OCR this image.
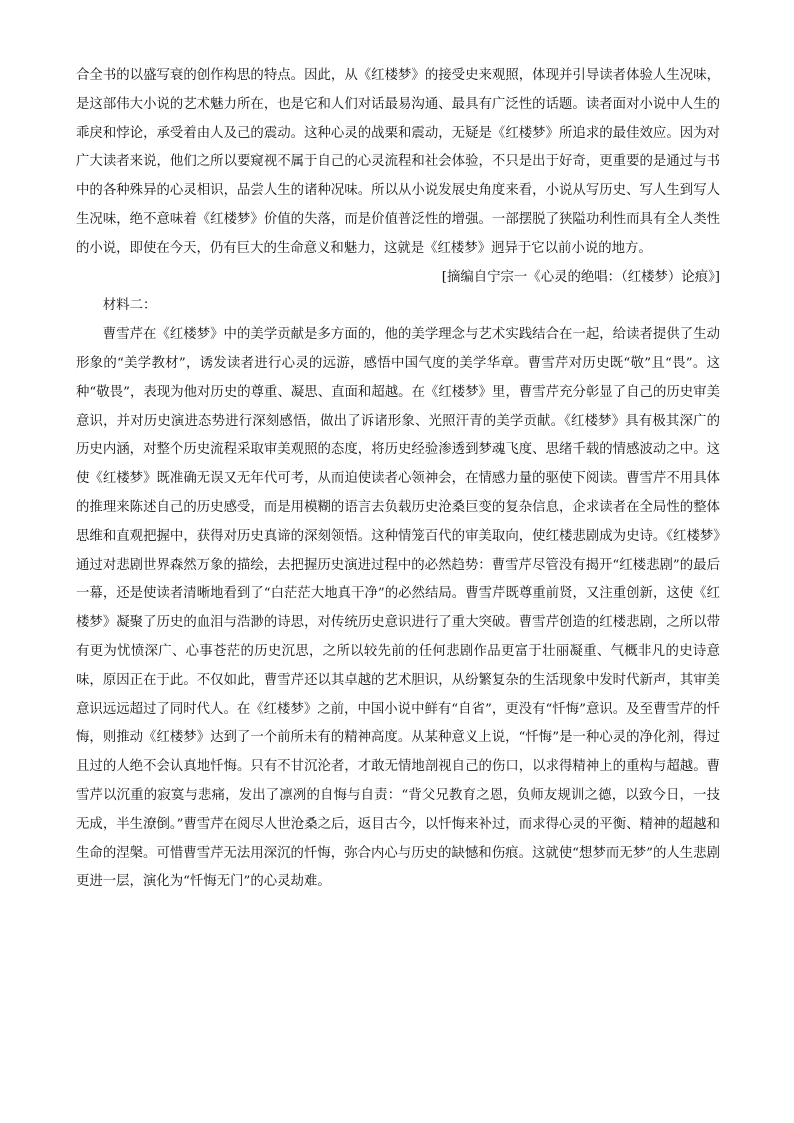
合全书的以盛写衰的创作构思的特点。因此，从《红楼梦》的接受史来观照，体现并引导读者体验人生况味，是这部伟大小说的艺术魅力所在，也是它和人们对话最易沟通、最具有广泛性的话题。读者面对小说中人生的乖戾和悖论，承受着由人及己的震动。这种心灵的战栗和震动，无疑是《红楼梦》所追求的最佳效应。因为对广大读者来说，他们之所以要窥视不属于自己的心灵流程和社会体验，不只是出于好奇，更重要的是通过与书中的各种殊异的心灵相识，品尝人生的诸种况味。所以从小说发展史角度来看，小说从写历史、写人生到写人生况味，绝不意味着《红楼梦》价值的失落，而是价值普泛性的增强。一部摆脱了狭隘功利性而具有全人类性的小说，即使在今天，仍有巨大的生命意义和魅力，这就是《红楼梦》迥异于它以前小说的地方。

[摘编自宁宗一《心灵的绝唱：（红楼梦）论痕》]

材料二：

曹雪芹在《红楼梦》中的美学贡献是多方面的，他的美学理念与艺术实践结合在一起，给读者提供了生动形象的“美学教材”，诱发读者进行心灵的远游，感悟中国气度的美学华章。曹雪芹对历史既“敬”且“畏”。这种“敬畏”，表现为他对历史的尊重、凝思、直面和超越。在《红楼梦》里，曹雪芹充分彰显了自己的历史审美意识，并对历史演进态势进行深刻感悟，做出了诉诸形象、光照汗青的美学贡献。《红楼梦》具有极其深广的历史内涵，对整个历史流程采取审美观照的态度，将历史经验渗透到梦魂飞度、思绪千载的情感波动之中。这使《红楼梦》既准确无误又无年代可考，从而迫使读者心领神会，在情感力量的驱使下阅读。曹雪芹不用具体的推理来陈述自己的历史感受，而是用模糊的语言去负载历史沧桑巨变的复杂信息，企求读者在全局性的整体思维和直观把握中，获得对历史真谛的深刻领悟。这种情笼百代的审美取向，使红楼悲剧成为史诗。《红楼梦》通过对悲剧世界森然万象的描绘，去把握历史演进过程中的必然趋势：曹雪芹尽管没有揭开“红楼悲剧”的最后一幕，还是使读者清晰地看到了“白茫茫大地真干净”的必然结局。曹雪芹既尊重前贤，又注重创新，这使《红楼梦》凝聚了历史的血泪与浩渺的诗思，对传统历史意识进行了重大突破。曹雪芹创造的红楼悲剧，之所以带有更为忧愤深广、心事苍茫的历史沉思，之所以较先前的任何悲剧作品更富于壮丽凝重、气概非凡的史诗意味，原因正在于此。不仅如此，曹雪芹还以其卓越的艺术胆识，从纷繁复杂的生活现象中发时代新声，其审美意识远远超过了同时代人。在《红楼梦》之前，中国小说中鲜有“自省”，更没有“忏悔”意识。及至曹雪芹的忏悔，则推动《红楼梦》达到了一个前所未有的精神高度。从某种意义上说，“忏悔”是一种心灵的净化剂，得过且过的人绝不会认真地忏悔。只有不甘沉沦者，才敢无情地剖视自己的伤口，以求得精神上的重构与超越。曹雪芹以沉重的寂寞与悲痛，发出了凛冽的自悔与自责：“背父兄教育之恩，负师友规训之德，以致今日，一技无成，半生潦倒。”曹雪芹在阅尽人世沧桑之后，返目古今，以忏悔来补过，而求得心灵的平衡、精神的超越和生命的涅槃。可惜曹雪芹无法用深沉的忏悔，弥合内心与历史的缺憾和伤痕。这就使“想梦而无梦”的人生悲剧更进一层，演化为“忏悔无门”的心灵劫难。
